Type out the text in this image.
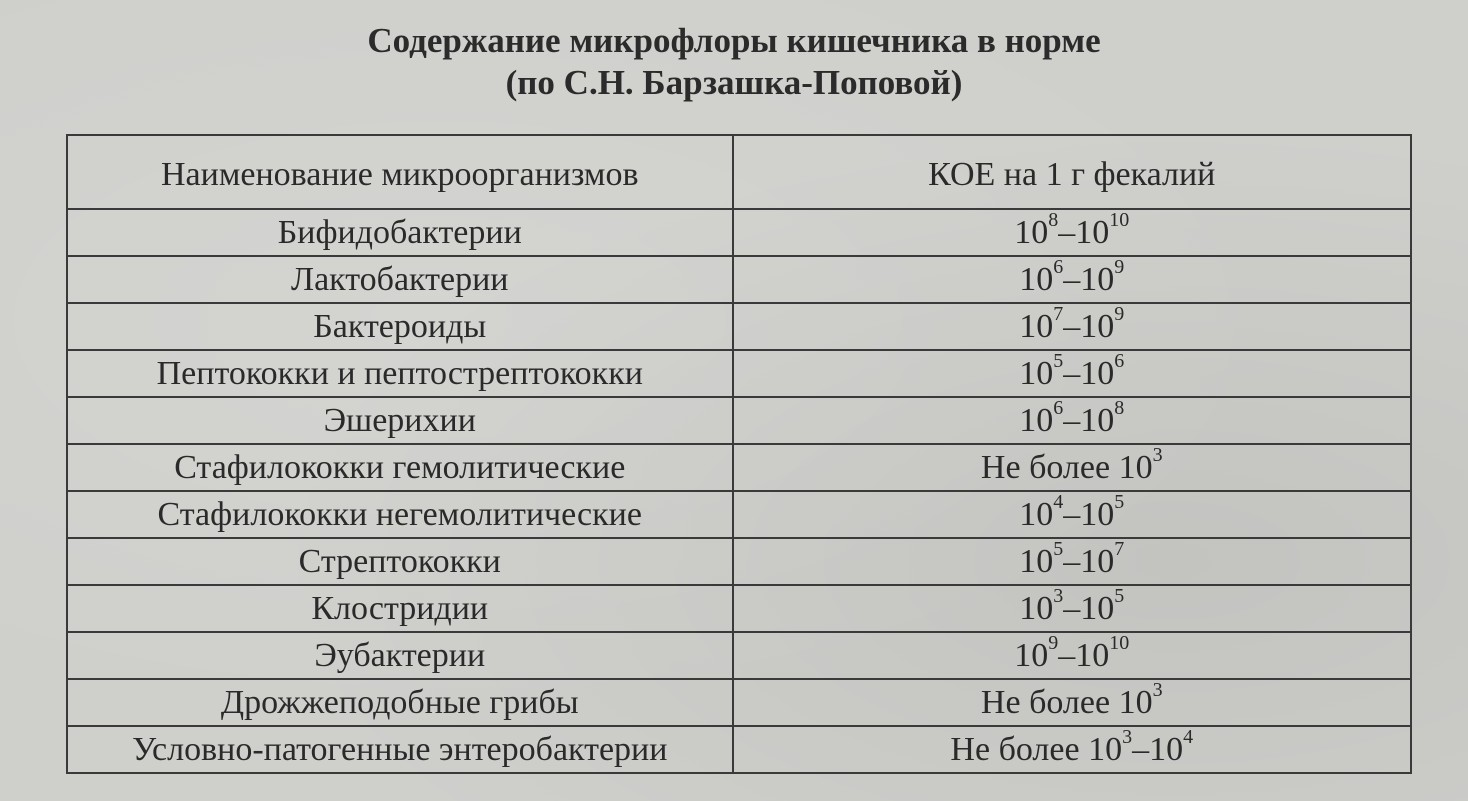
Содержание микрофлоры кишечника в норме
(по С.Н. Барзашка-Поповой)
Наименование микроорганизмов	КОЕ на 1 г фекалий
Бифидобактерии	$10^8-10^{10}$
Лактобактерии	$10^6-10^9$
Бактероиды	$10^7-10^9$
Пептококки и пептострептококки	$10^5-10^6$
Эшерихии	$10^6-10^8$
Стафилококки гемолитические	Не более $10^3$
Стафилококки негемолитические	$10^4-10^5$
Стрептококки	$10^5-10^7$
Клостридии	$10^3-10^5$
Эубактерии	$10^9-10^{10}$
Дрожжеподобные грибы	Не более $10^3$
Условно-патогенные энтеробактерии	Не более $10^3-10^4$
